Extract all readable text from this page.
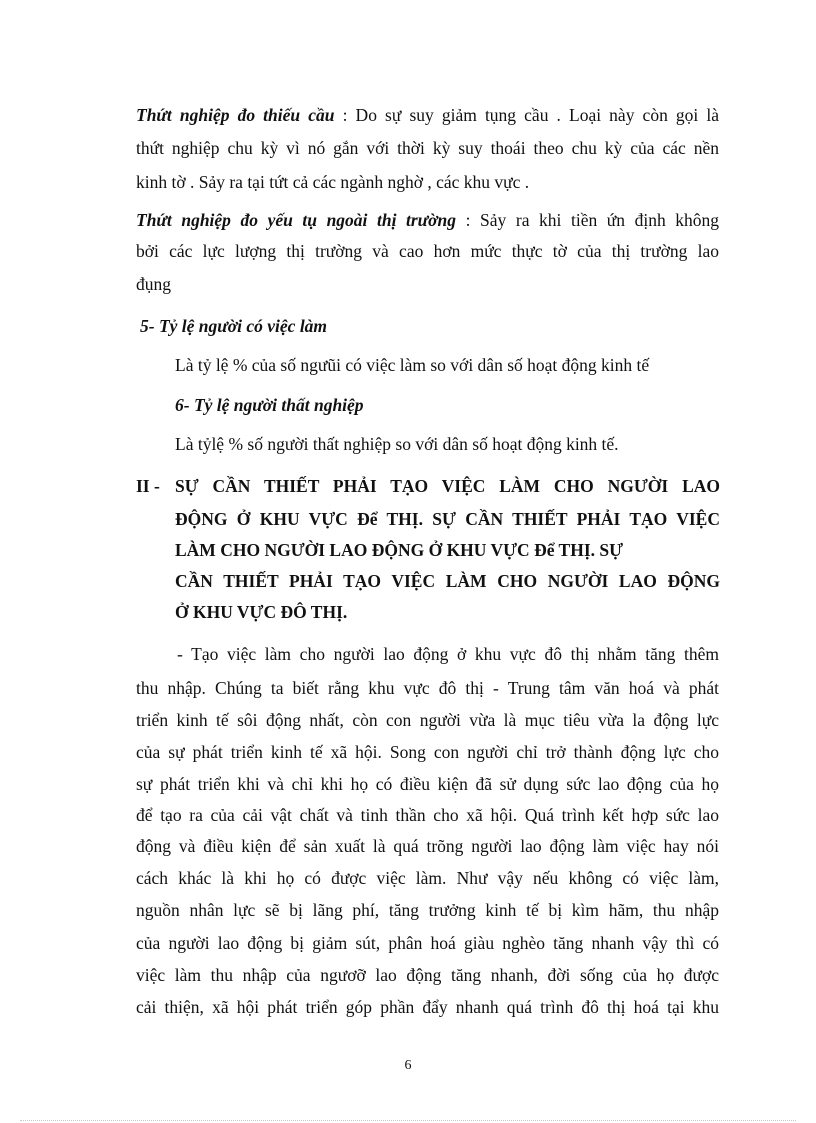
Thứt nghiệp đo thiếu cầu : Do sự suy giảm tụng cầu . Loại này còn gọi là
thứt nghiệp chu kỳ vì nó gắn với thời kỳ suy thoái theo chu kỳ của các nền
kinh tờ . Sảy ra tại tứt cả các ngành nghờ , các khu vực .
Thứt nghiệp đo yếu tụ ngoài thị trường : Sảy ra khi tiền ứn định không
bởi các lực lượng thị trường và cao hơn mức thực tờ của thị trường lao
đụng
5- Tỷ lệ người có việc làm
Là tỷ lệ % của số ngưũi có việc làm so với dân số hoạt động kinh tế
6- Tỷ lệ người thất nghiệp
Là tỷlệ % số người thất nghiệp so với dân số hoạt động kinh tế.
II - SỰ CẦN THIẾT PHẢI TẠO VIỆC LÀM CHO NGƯỜI LAO
ĐỘNG Ở KHU VỰC Để THỊ. SỰ CẦN THIẾT PHẢI TẠO VIỆC
LÀM CHO NGƯỜI LAO ĐỘNG Ở KHU VỰC Để THỊ. SỰ
CẦN THIẾT PHẢI TẠO VIỆC LÀM CHO NGƯỜI LAO ĐỘNG
Ở KHU VỰC ĐÔ THỊ.
- Tạo việc làm cho người lao động ở khu vực đô thị nhằm tăng thêm
thu nhập. Chúng ta biết rằng khu vực đô thị - Trung tâm văn hoá và phát
triển kinh tế sôi động nhất, còn con người vừa là mục tiêu vừa la động lực
của sự phát triển kinh tế xã hội. Song con người chỉ trở thành động lực cho
sự phát triển khi và chỉ khi họ có điều kiện đã sử dụng sức lao động của họ
để tạo ra của cải vật chất và tinh thần cho xã hội. Quá trình kết hợp sức lao
động và điều kiện để sản xuất là quá trõng người lao động làm việc hay nói
cách khác là khi họ có được việc làm. Như vậy nếu không có việc làm,
nguồn nhân lực sẽ bị lãng phí, tăng trưởng kinh tế bị kìm hãm, thu nhập
của người lao động bị giảm sút, phân hoá giàu nghèo tăng nhanh vậy thì có
việc làm thu nhập của ngươỡ lao động tăng nhanh, đời sống của họ được
cải thiện, xã hội phát triển góp phần đẩy nhanh quá trình đô thị hoá tại khu
6
